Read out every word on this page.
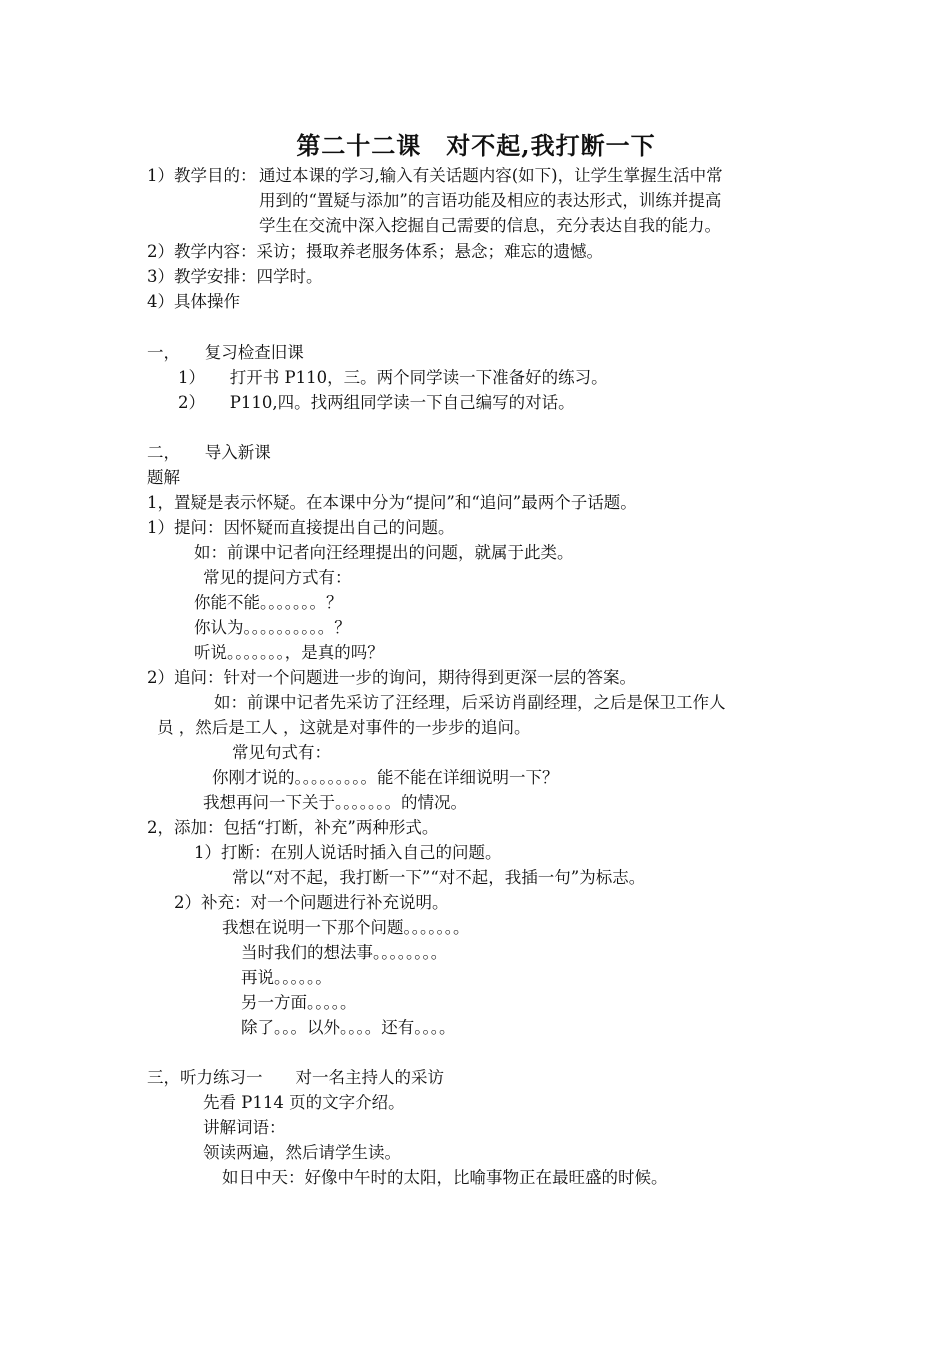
第二十二课　对不起,我打断一下
1）教学目的： 通过本课的学习,输入有关话题内容(如下)，让学生掌握生活中常
用到的“置疑与添加”的言语功能及相应的表达形式，训练并提高
学生在交流中深入挖掘自己需要的信息，充分表达自我的能力。
2）教学内容：采访；摄取养老服务体系；悬念；难忘的遗憾。
3）教学安排：四学时。
4）具体操作
一，　　复习检查旧课
1）　　打开书 P110，三。两个同学读一下准备好的练习。
2）　　P110,四。找两组同学读一下自己编写的对话。
二，　　导入新课
题解
1，置疑是表示怀疑。在本课中分为“提问”和“追问”最两个子话题。
1）提问：因怀疑而直接提出自己的问题。
如：前课中记者向汪经理提出的问题，就属于此类。
常见的提问方式有：
你能不能。。。。。。。？
你认为。。。。。。。。。。？
听说。。。。。。。，是真的吗？
2）追问：针对一个问题进一步的询问，期待得到更深一层的答案。
如：前课中记者先采访了汪经理，后采访肖副经理，之后是保卫工作人
员 ，然后是工人 ，这就是对事件的一步步的追问。
常见句式有：
你刚才说的。。。。。。。。。能不能在详细说明一下？
我想再问一下关于。。。。。。。的情况。
2，添加：包括“打断，补充”两种形式。
1）打断：在别人说话时插入自己的问题。
常以“对不起，我打断一下”“对不起，我插一句”为标志。
2）补充：对一个问题进行补充说明。
我想在说明一下那个问题。。。。。。。
当时我们的想法事。。。。。。。。
再说。。。。。。
另一方面。。。。。
除了。。。以外。。。。还有。。。。
三，听力练习一　　对一名主持人的采访
先看 P114 页的文字介绍。
讲解词语：
领读两遍，然后请学生读。
如日中天：好像中午时的太阳，比喻事物正在最旺盛的时候。
